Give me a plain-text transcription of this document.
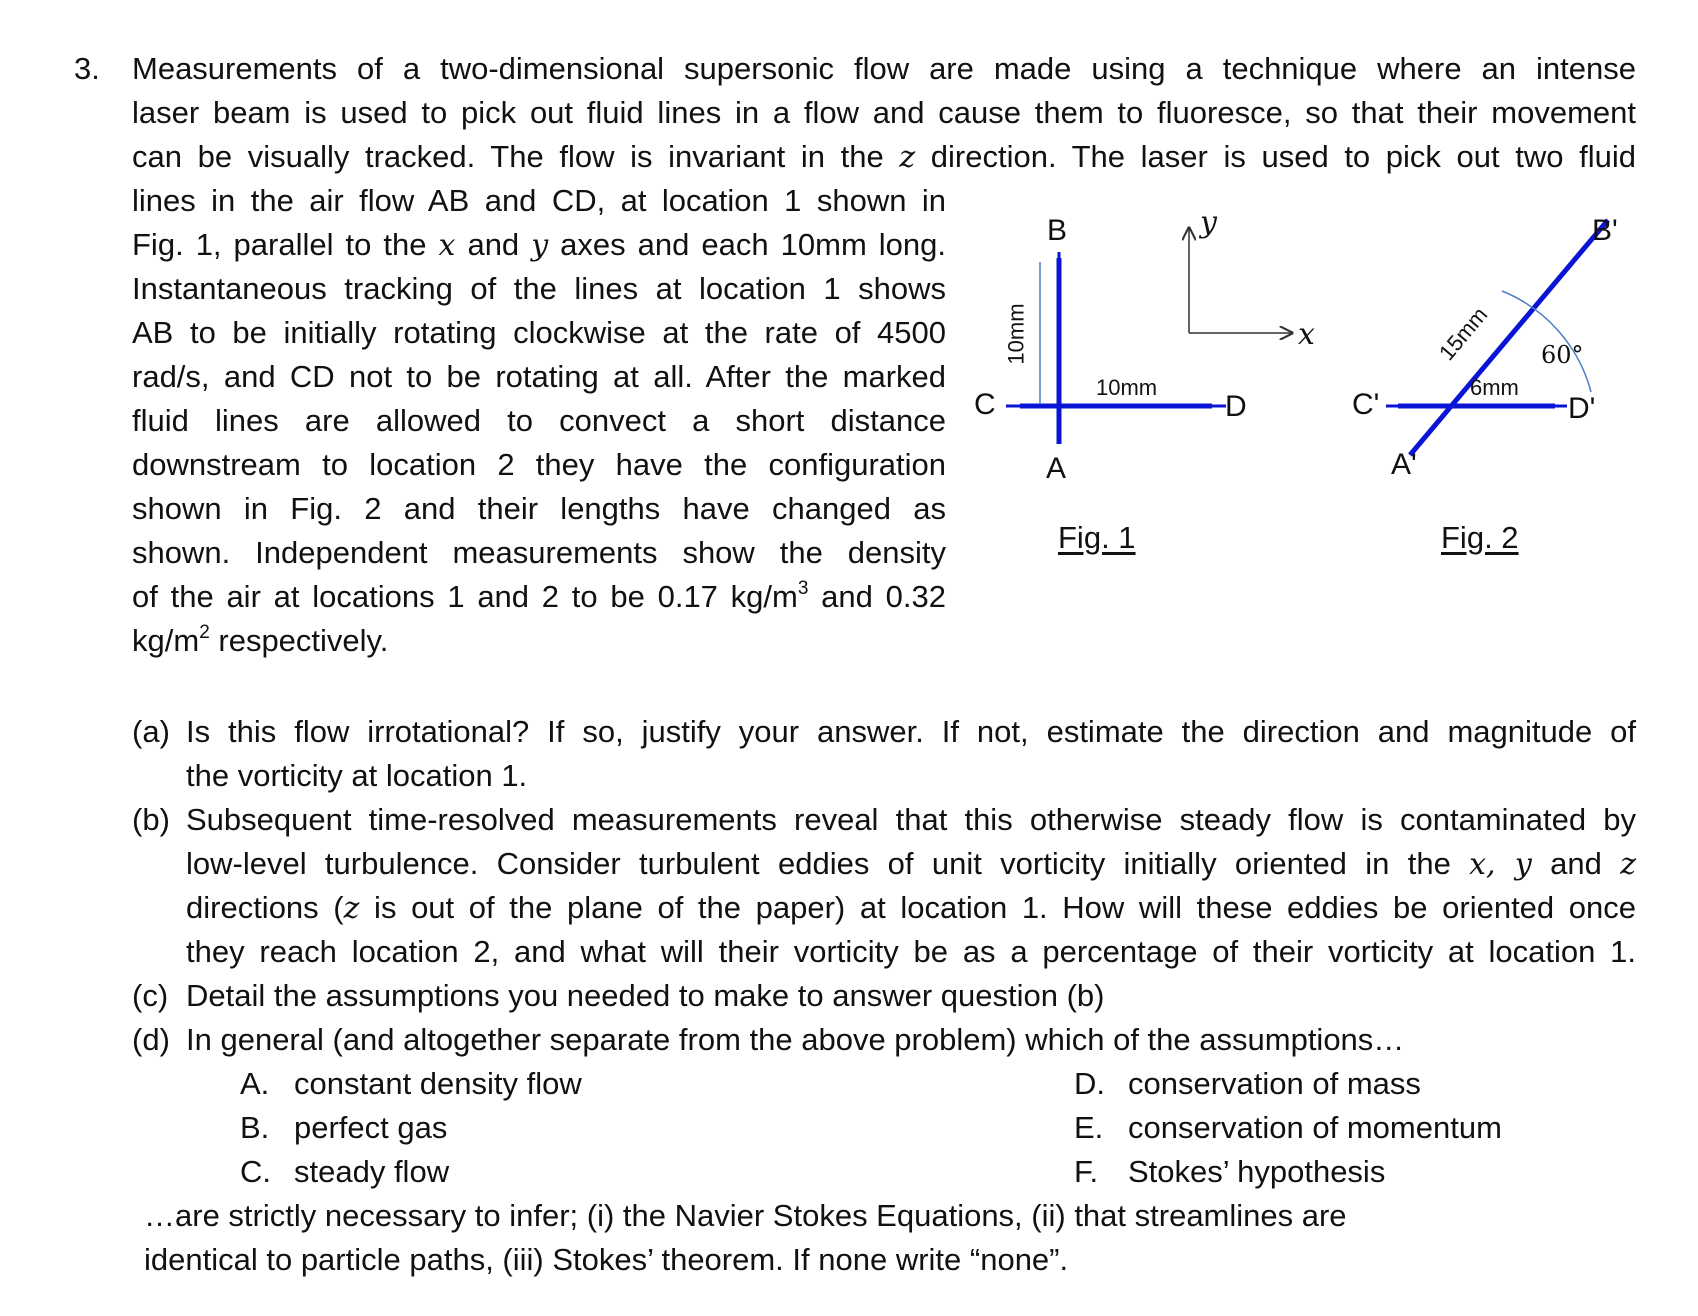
3. Measurements of a two-dimensional supersonic flow are made using a technique where an intense
laser beam is used to pick out fluid lines in a flow and cause them to fluoresce, so that their movement
can be visually tracked. The flow is invariant in the z direction. The laser is used to pick out two fluid
lines in the air flow AB and CD, at location 1 shown in
Fig. 1, parallel to the x and y axes and each 10mm long.
Instantaneous tracking of the lines at location 1 shows
AB to be initially rotating clockwise at the rate of 4500
rad/s, and CD not to be rotating at all. After the marked
fluid lines are allowed to convect a short distance
downstream to location 2 they have the configuration
shown in Fig. 2 and their lengths have changed as
shown. Independent measurements show the density
of the air at locations 1 and 2 to be 0.17 $kg/m^3$ and 0.32
$kg/m^2$ respectively.
B
A
C	D
10mm
10mm
y
x
Fig. 1
B'
A'
C'	D'
15mm
6mm
60°
Fig. 2
(a) Is this flow irrotational? If so, justify your answer. If not, estimate the direction and magnitude of
the vorticity at location 1.
(b) Subsequent time-resolved measurements reveal that this otherwise steady flow is contaminated by
low-level turbulence. Consider turbulent eddies of unit vorticity initially oriented in the x, y and z
directions (z is out of the plane of the paper) at location 1. How will these eddies be oriented once
they reach location 2, and what will their vorticity be as a percentage of their vorticity at location 1.
(c) Detail the assumptions you needed to make to answer question (b)
(d) In general (and altogether separate from the above problem) which of the assumptions…
A. constant density flow
B. perfect gas
C. steady flow
D. conservation of mass
E. conservation of momentum
F. Stokes’ hypothesis
…are strictly necessary to infer; (i) the Navier Stokes Equations, (ii) that streamlines are
identical to particle paths, (iii) Stokes’ theorem. If none write “none”.
